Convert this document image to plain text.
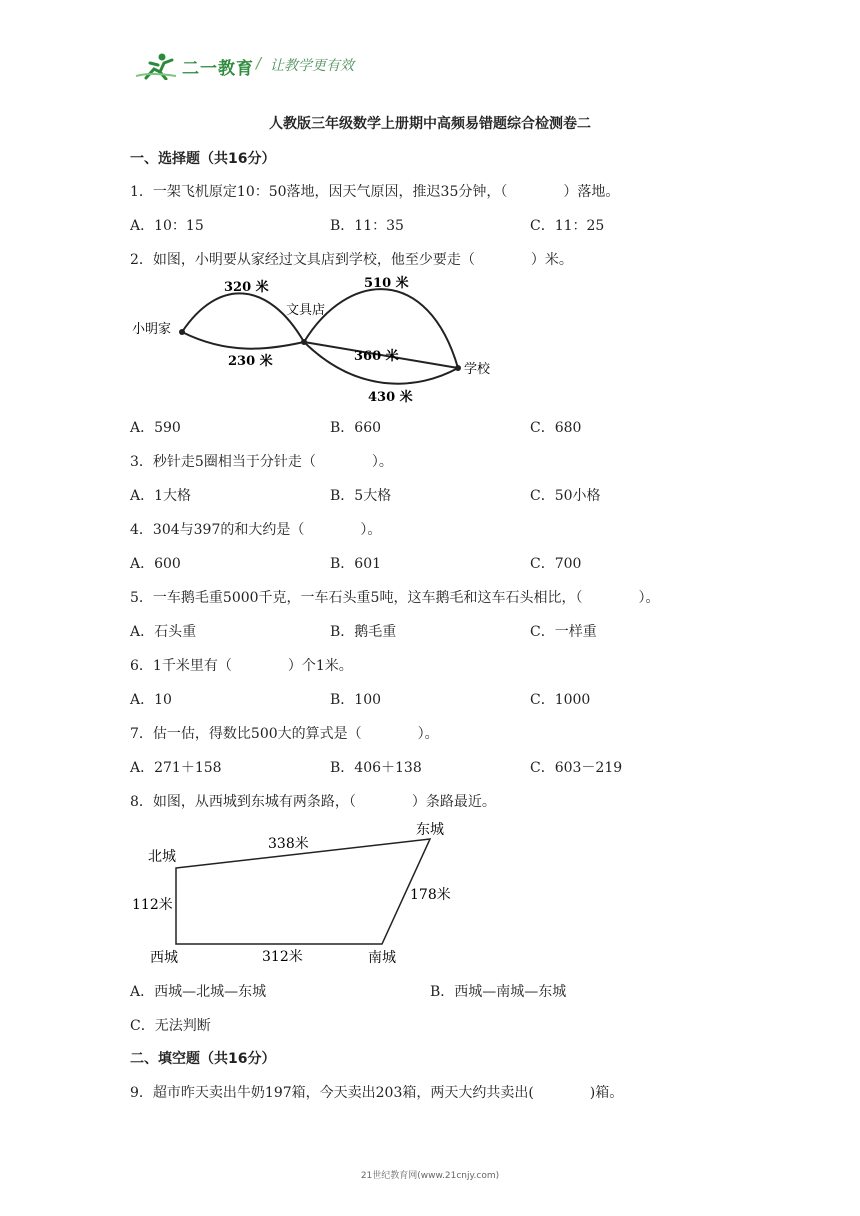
二一教育 / 让教学更有效
人教版三年级数学上册期中高频易错题综合检测卷二
一、选择题（共16分）
1．一架飞机原定10：50落地，因天气原因，推迟35分钟，（　　　　）落地。
A．10：15	B．11：35	C．11：25
2．如图，小明要从家经过文具店到学校，他至少要走（　　　　）米。
小明家
文具店
学校
320 米
230 米
510 米
360 米
430 米
A．590	B．660	C．680
3．秒针走5圈相当于分针走（　　　　）。
A．1大格	B．5大格	C．50小格
4．304与397的和大约是（　　　　）。
A．600	B．601	C．700
5．一车鹅毛重5000千克，一车石头重5吨，这车鹅毛和这车石头相比，（　　　　）。
A．石头重	B．鹅毛重	C．一样重
6．1千米里有（　　　　）个1米。
A．10	B．100	C．1000
7．估一估，得数比500大的算式是（　　　　）。
A．271＋158	B．406＋138	C．603－219
8．如图，从西城到东城有两条路，（　　　　）条路最近。
北城
东城
西城	南城
338米
112米
178米
312米
A．西城—北城—东城	B．西城—南城—东城
C．无法判断
二、填空题（共16分）
9．超市昨天卖出牛奶197箱，今天卖出203箱，两天大约共卖出(　　　　)箱。
21世纪教育网(www.21cnjy.com)
